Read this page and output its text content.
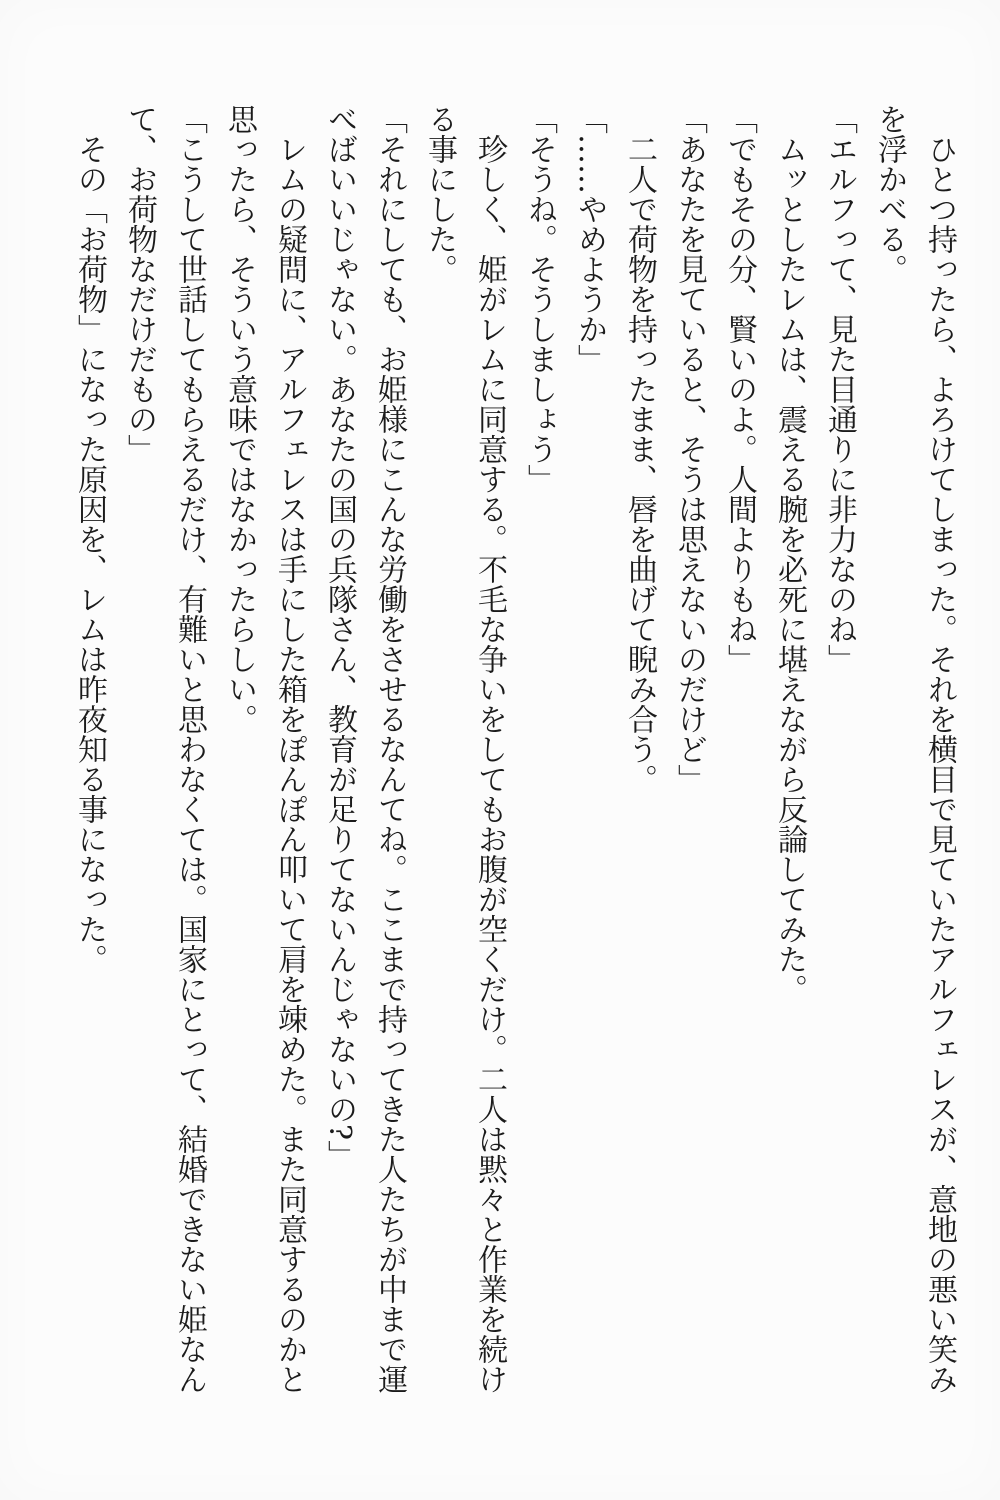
ひとつ持ったら、よろけてしまった。それを横目で見ていたアルフェレスが、意地の悪い笑みを浮かべる。

「エルフって、見た目通りに非力なのね」

ムッとしたレムは、震える腕を必死に堪えながら反論してみた。

「でもその分、賢いのよ。人間よりもね」

「あなたを見ていると、そうは思えないのだけど」

二人で荷物を持ったまま、唇を曲げて睨み合う。

「……やめようか」

「そうね。そうしましょう」

珍しく、姫がレムに同意する。不毛な争いをしてもお腹が空くだけ。二人は黙々と作業を続ける事にした。

「それにしても、お姫様にこんな労働をさせるなんてね。ここまで持ってきた人たちが中まで運べばいいじゃない。あなたの国の兵隊さん、教育が足りてないんじゃないの?」

レムの疑問に、アルフェレスは手にした箱をぽんぽん叩いて肩を竦めた。また同意するのかと思ったら、そういう意味ではなかったらしい。

「こうして世話してもらえるだけ、有難いと思わなくては。国家にとって、結婚できない姫なんて、お荷物なだけだもの」

その「お荷物」になった原因を、レムは昨夜知る事になった。
